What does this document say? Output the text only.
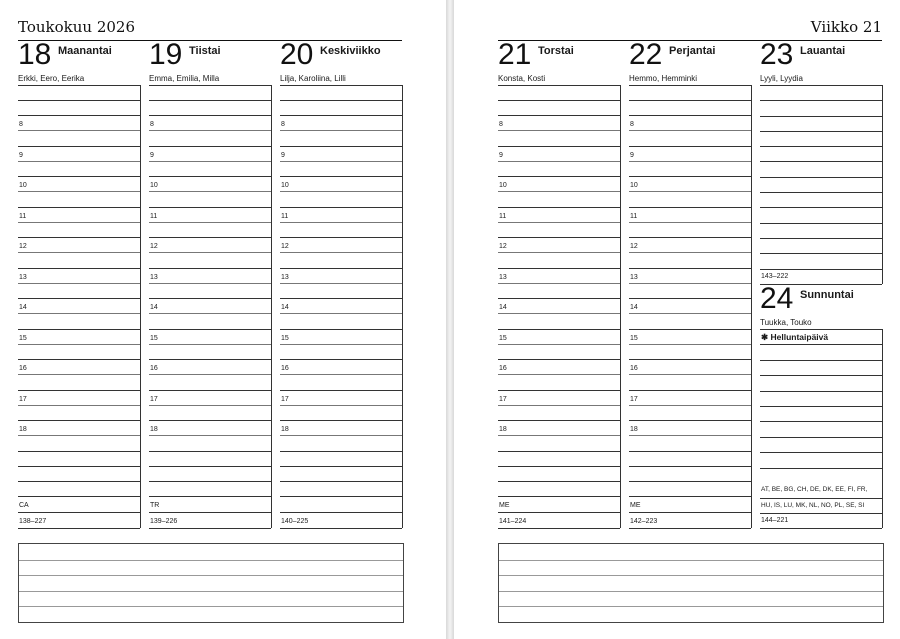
Toukokuu 2026	Viikko 21
18 Maanantai
Erkki, Eero, Eerika
8
9
10
11
12
13
14
15
16
17
18
CA
138–227
19 Tiistai
Emma, Emilia, Milla
8
9
10
11
12
13
14
15
16
17
18
TR
139–226
20 Keskiviikko
Lilja, Karoliina, Lilli
8
9
10
11
12
13
14
15
16
17
18
140–225
21 Torstai
Konsta, Kosti
8
9
10
11
12
13
14
15
16
17
18
ME
141–224
22 Perjantai
Hemmo, Hemminki
8
9
10
11
12
13
14
15
16
17
18
ME
142–223
23 Lauantai
Lyyli, Lyydia
143–222
24 Sunnuntai
Tuukka, Touko
✱ Helluntaipäivä
AT, BE, BG, CH, DE, DK, EE, FI, FR,
HU, IS, LU, MK, NL, NO, PL, SE, SI
144–221
